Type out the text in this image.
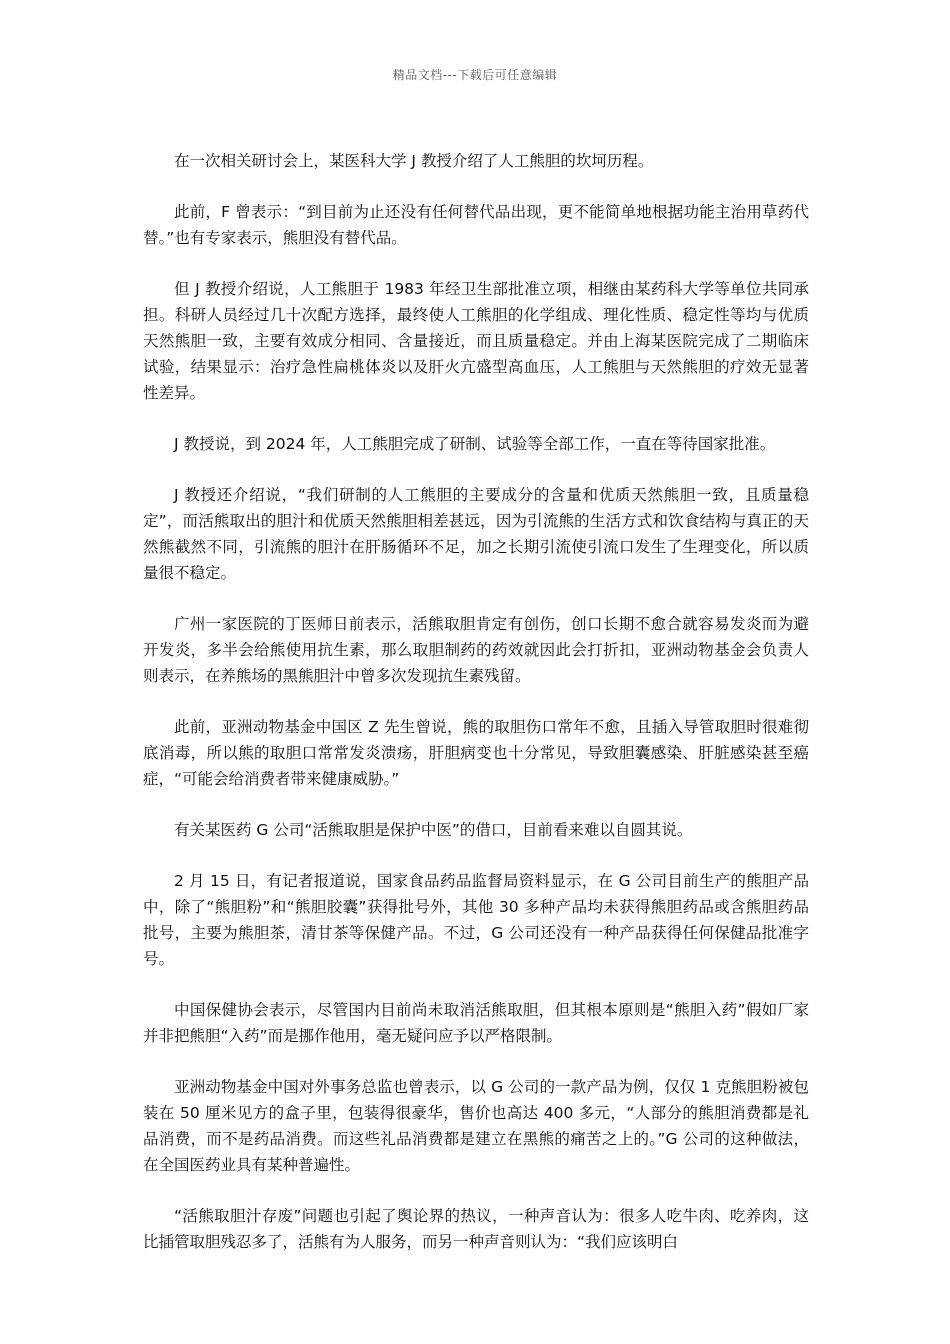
精品文档---下载后可任意编辑

在一次相关研讨会上，某医科大学 J 教授介绍了人工熊胆的坎坷历程。

此前，F 曾表示：“到目前为止还没有任何替代品出现，更不能简单地根据功能主治用草药代替。”也有专家表示，熊胆没有替代品。

但 J 教授介绍说，人工熊胆于 1983 年经卫生部批准立项，相继由某药科大学等单位共同承担。科研人员经过几十次配方选择，最终使人工熊胆的化学组成、理化性质、稳定性等均与优质天然熊胆一致，主要有效成分相同、含量接近，而且质量稳定。并由上海某医院完成了二期临床试验，结果显示：治疗急性扁桃体炎以及肝火亢盛型高血压，人工熊胆与天然熊胆的疗效无显著性差异。

J 教授说，到 2024 年，人工熊胆完成了研制、试验等全部工作，一直在等待国家批准。

J 教授还介绍说，“我们研制的人工熊胆的主要成分的含量和优质天然熊胆一致，且质量稳定”，而活熊取出的胆汁和优质天然熊胆相差甚远，因为引流熊的生活方式和饮食结构与真正的天然熊截然不同，引流熊的胆汁在肝肠循环不足，加之长期引流使引流口发生了生理变化，所以质量很不稳定。

广州一家医院的丁医师日前表示，活熊取胆肯定有创伤，创口长期不愈合就容易发炎而为避开发炎，多半会给熊使用抗生素，那么取胆制药的药效就因此会打折扣，亚洲动物基金会负责人则表示，在养熊场的黑熊胆汁中曾多次发现抗生素残留。

此前，亚洲动物基金中国区 Z 先生曾说，熊的取胆伤口常年不愈，且插入导管取胆时很难彻底消毒，所以熊的取胆口常常发炎溃疡，肝胆病变也十分常见，导致胆囊感染、肝脏感染甚至癌症，“可能会给消费者带来健康威胁。”

有关某医药 G 公司“活熊取胆是保护中医”的借口，目前看来难以自圆其说。

2 月 15 日，有记者报道说，国家食品药品监督局资料显示，在 G 公司目前生产的熊胆产品中，除了“熊胆粉”和“熊胆胶囊”获得批号外，其他 30 多种产品均未获得熊胆药品或含熊胆药品批号，主要为熊胆茶，清甘茶等保健产品。不过，G 公司还没有一种产品获得任何保健品批准字号。

中国保健协会表示，尽管国内目前尚未取消活熊取胆，但其根本原则是“熊胆入药”假如厂家并非把熊胆“入药”而是挪作他用，毫无疑问应予以严格限制。

亚洲动物基金中国对外事务总监也曾表示，以 G 公司的一款产品为例，仅仅 1 克熊胆粉被包装在 50 厘米见方的盒子里，包装得很豪华，售价也高达 400 多元，“人部分的熊胆消费都是礼品消费，而不是药品消费。而这些礼品消费都是建立在黑熊的痛苦之上的。”G 公司的这种做法，在全国医药业具有某种普遍性。

“活熊取胆汁存废”问题也引起了舆论界的热议，一种声音认为：很多人吃牛肉、吃养肉，这比插管取胆残忍多了，活熊有为人服务，而另一种声音则认为：“我们应该明白
